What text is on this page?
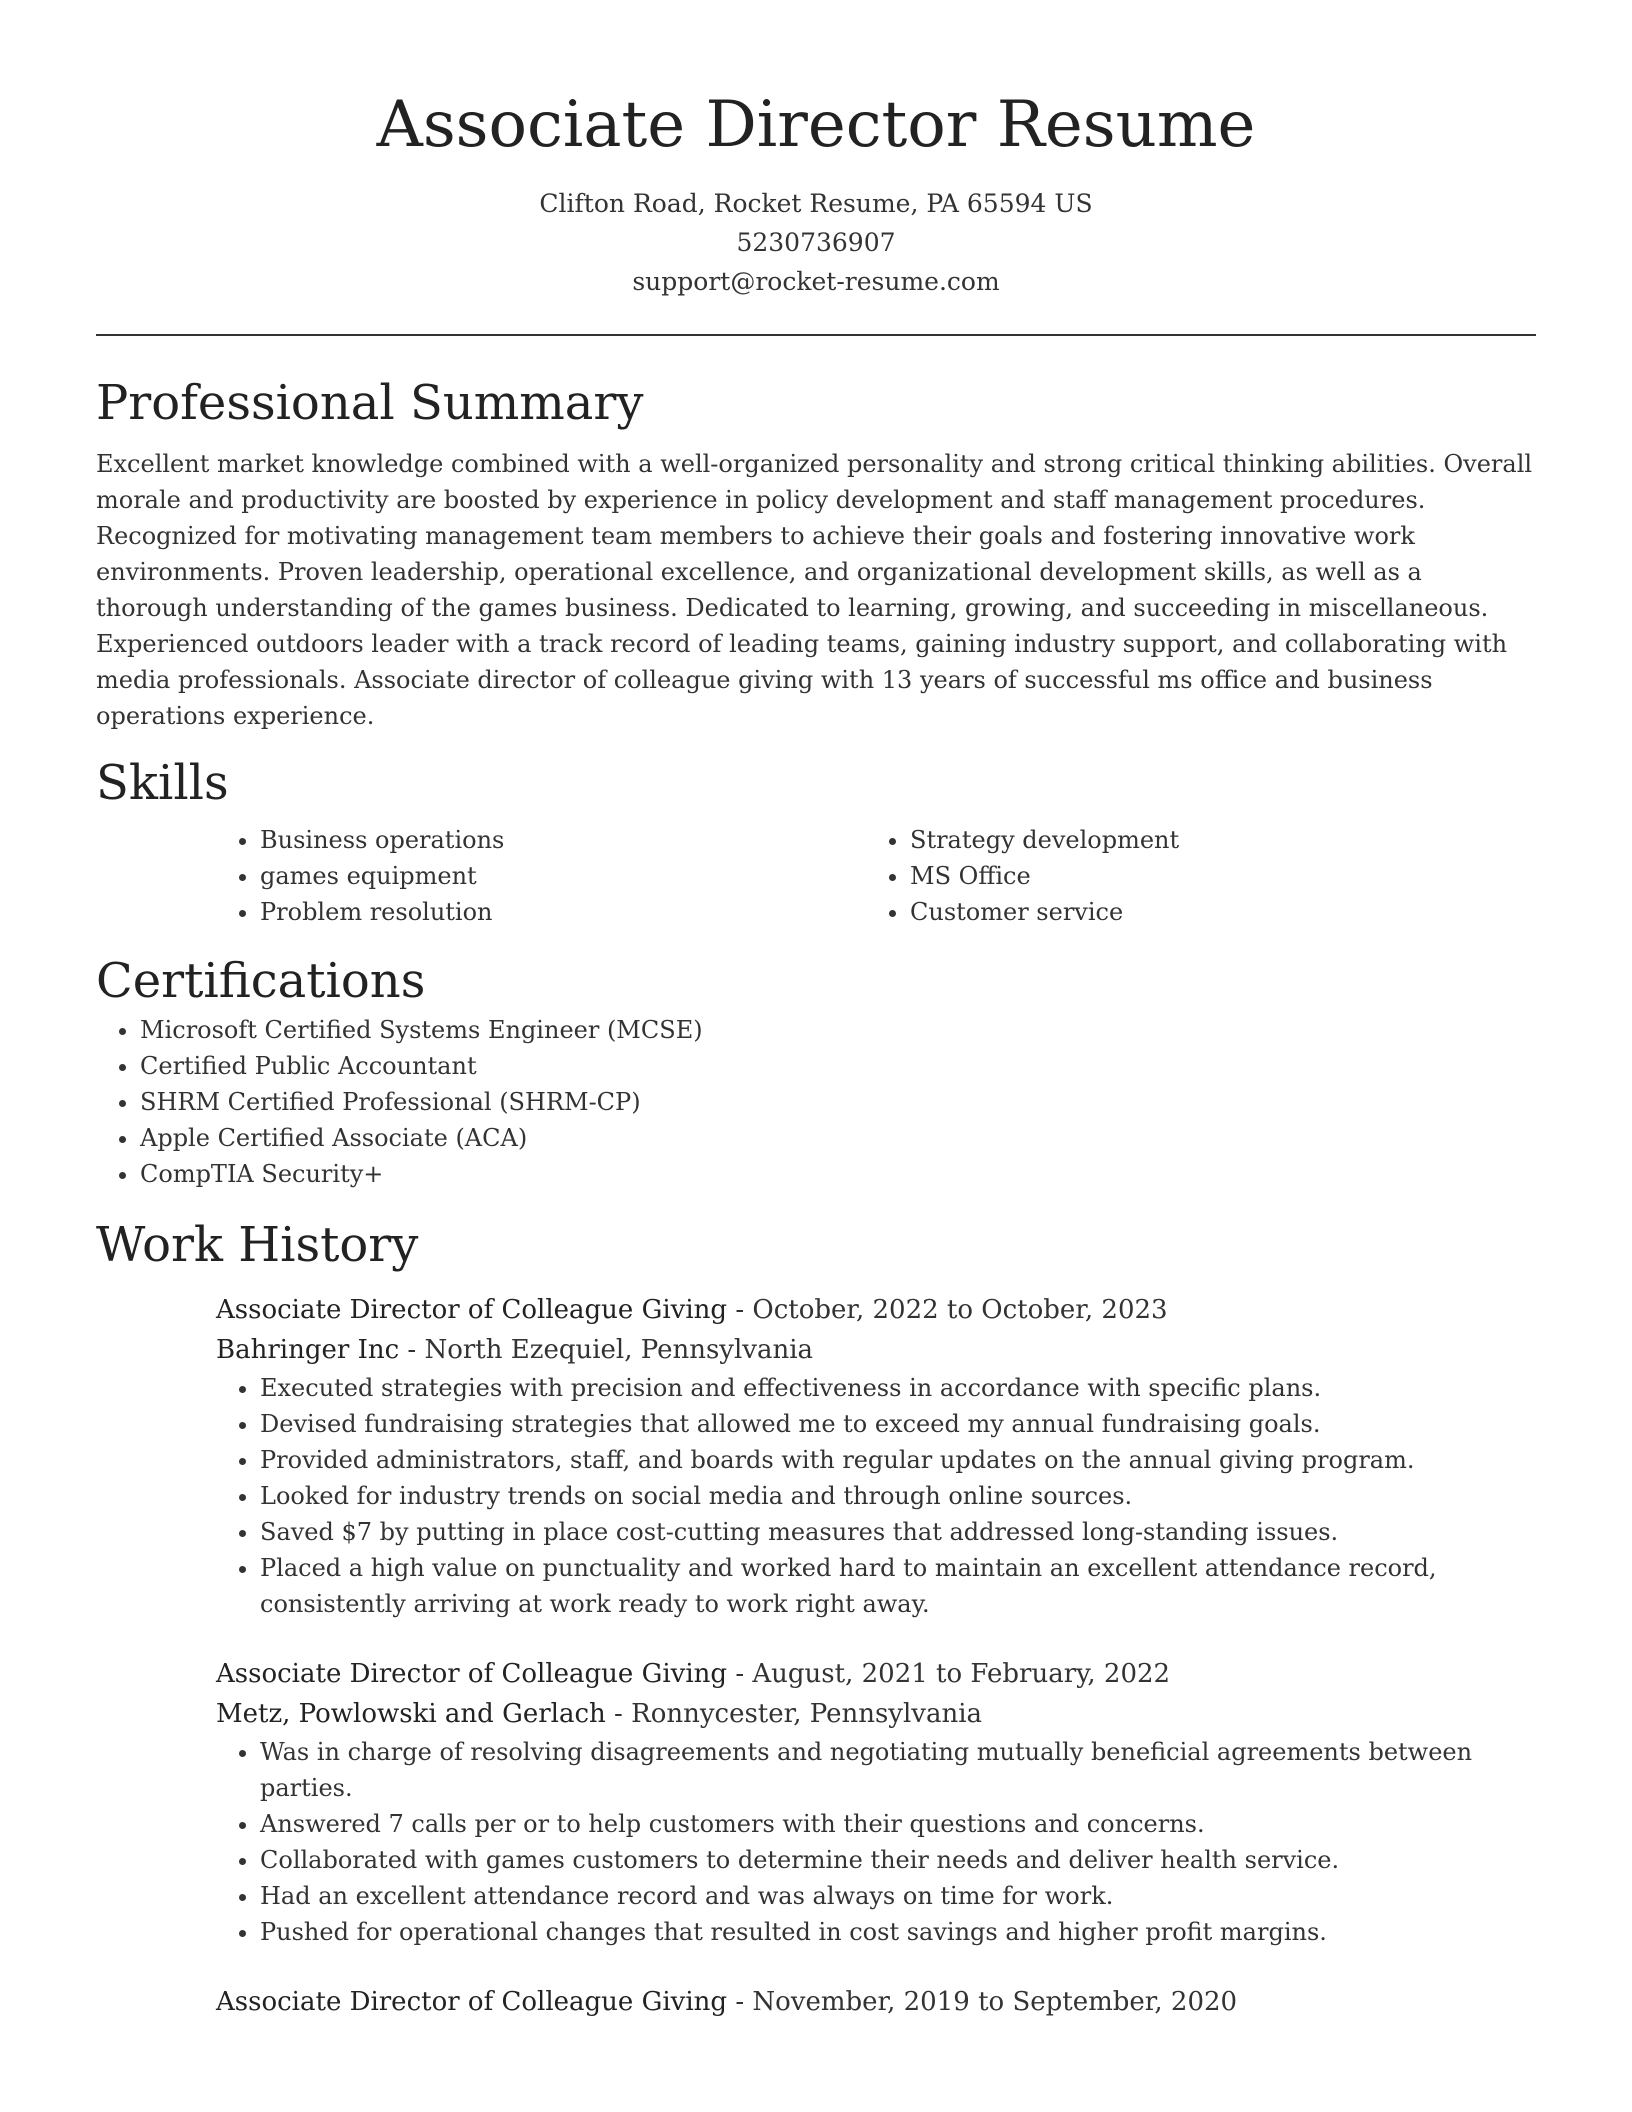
Associate Director Resume

Clifton Road, Rocket Resume, PA 65594 US

5230736907

support@rocket-resume.com

Professional Summary

Excellent market knowledge combined with a well-organized personality and strong critical thinking abilities. Overall morale and productivity are boosted by experience in policy development and staff management procedures. Recognized for motivating management team members to achieve their goals and fostering innovative work environments. Proven leadership, operational excellence, and organizational development skills, as well as a thorough understanding of the games business. Dedicated to learning, growing, and succeeding in miscellaneous. Experienced outdoors leader with a track record of leading teams, gaining industry support, and collaborating with media professionals. Associate director of colleague giving with 13 years of successful ms office and business operations experience.

Skills
• Business operations
• games equipment
• Problem resolution
• Strategy development
• MS Office
• Customer service
Certifications
• Microsoft Certified Systems Engineer (MCSE)
• Certified Public Accountant
• SHRM Certified Professional (SHRM-CP)
• Apple Certified Associate (ACA)
• CompTIA Security+
Work History

Associate Director of Colleague Giving - October, 2022 to October, 2023

Bahringer Inc - North Ezequiel, Pennsylvania

• Executed strategies with precision and effectiveness in accordance with specific plans.
• Devised fundraising strategies that allowed me to exceed my annual fundraising goals.
• Provided administrators, staff, and boards with regular updates on the annual giving program.
• Looked for industry trends on social media and through online sources.
• Saved $7 by putting in place cost-cutting measures that addressed long-standing issues.
• Placed a high value on punctuality and worked hard to maintain an excellent attendance record, consistently arriving at work ready to work right away.

Associate Director of Colleague Giving - August, 2021 to February, 2022

Metz, Powlowski and Gerlach - Ronnycester, Pennsylvania

• Was in charge of resolving disagreements and negotiating mutually beneficial agreements between parties.
• Answered 7 calls per or to help customers with their questions and concerns.
• Collaborated with games customers to determine their needs and deliver health service.
• Had an excellent attendance record and was always on time for work.
• Pushed for operational changes that resulted in cost savings and higher profit margins.

Associate Director of Colleague Giving - November, 2019 to September, 2020
